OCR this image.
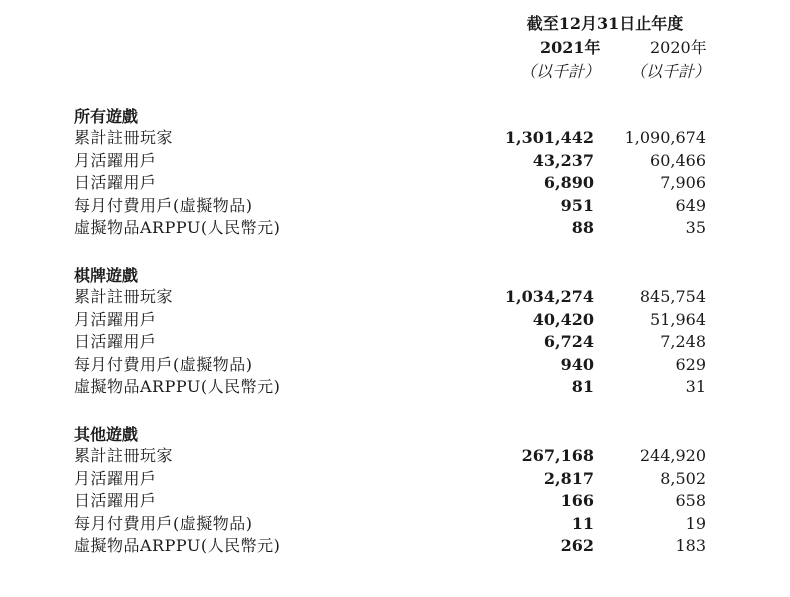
截至12月31日止年度
2021年	2020年
（以千計）	（以千計）
所有遊戲
累計註冊玩家	1,301,442	1,090,674
月活躍用戶	43,237	60,466
日活躍用戶	6,890	7,906
每月付費用戶(虛擬物品)	951	649
虛擬物品ARPPU(人民幣元)	88	35
棋牌遊戲
累計註冊玩家	1,034,274	845,754
月活躍用戶	40,420	51,964
日活躍用戶	6,724	7,248
每月付費用戶(虛擬物品)	940	629
虛擬物品ARPPU(人民幣元)	81	31
其他遊戲
累計註冊玩家	267,168	244,920
月活躍用戶	2,817	8,502
日活躍用戶	166	658
每月付費用戶(虛擬物品)	11	19
虛擬物品ARPPU(人民幣元)	262	183
